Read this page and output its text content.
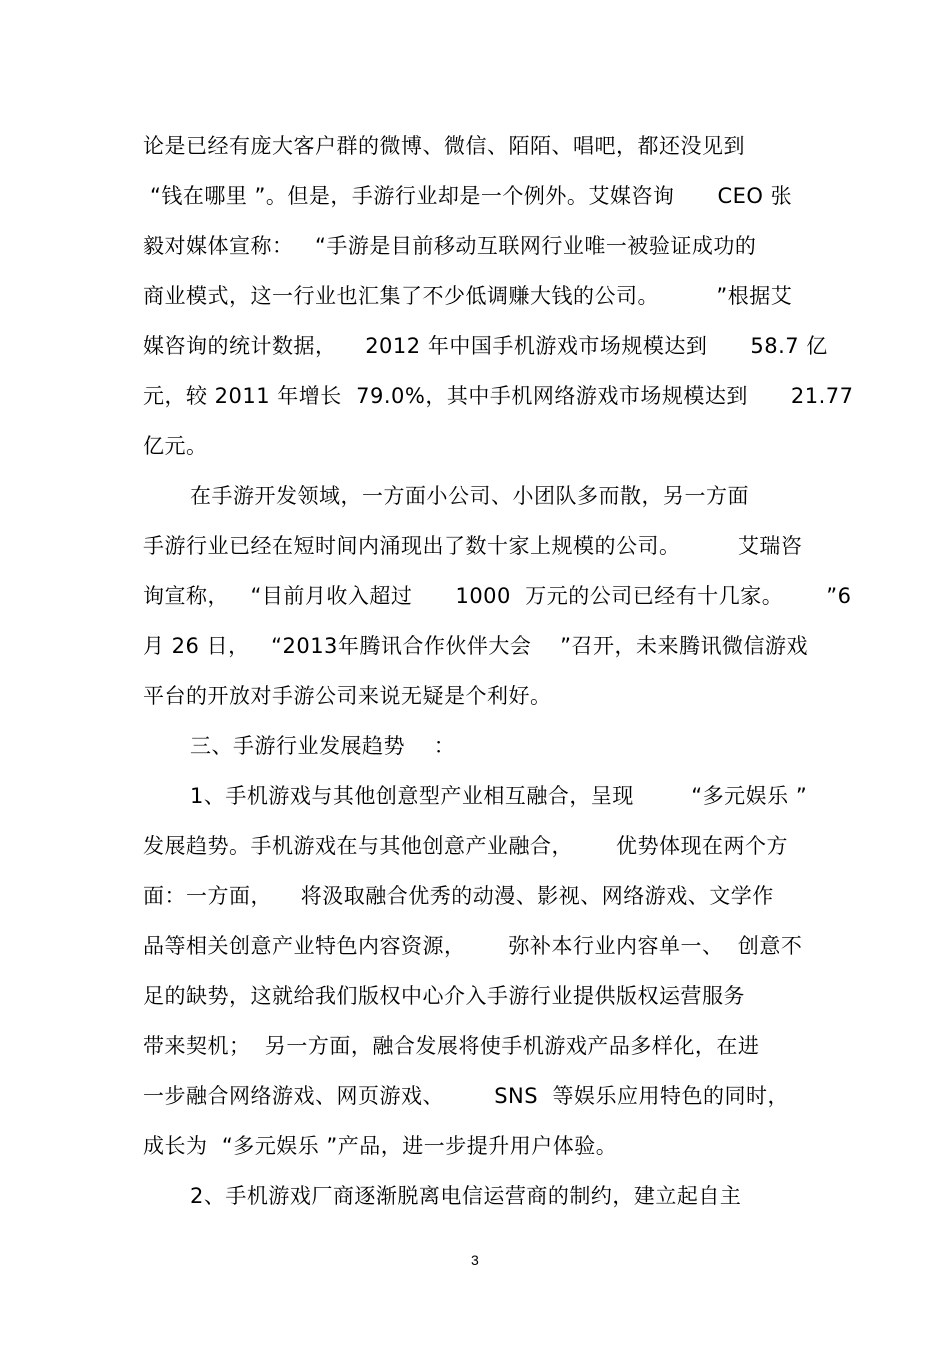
论是已经有庞大客户群的微博、微信、陌陌、唱吧，都还没见到
“钱在哪里 ”。但是，手游行业却是一个例外。艾媒咨询      CEO 张
毅对媒体宣称：   “手游是目前移动互联网行业唯一被验证成功的
商业模式，这一行业也汇集了不少低调赚大钱的公司。        ”根据艾
媒咨询的统计数据，    2012 年中国手机游戏市场规模达到      58.7 亿
元，较 2011 年增长  79.0%，其中手机网络游戏市场规模达到      21.77
亿元。
在手游开发领域，一方面小公司、小团队多而散，另一方面
手游行业已经在短时间内涌现出了数十家上规模的公司。        艾瑞咨
询宣称，   “目前月收入超过      1000  万元的公司已经有十几家。      ”6
月 26 日，   “2013年腾讯合作伙伴大会    ”召开，未来腾讯微信游戏
平台的开放对手游公司来说无疑是个利好。
三、手游行业发展趋势    ：
1、手机游戏与其他创意型产业相互融合，呈现        “多元娱乐 ”
发展趋势。手机游戏在与其他创意产业融合，      优势体现在两个方
面：一方面，    将汲取融合优秀的动漫、影视、网络游戏、文学作
品等相关创意产业特色内容资源，      弥补本行业内容单一、  创意不
足的缺势，这就给我们版权中心介入手游行业提供版权运营服务
带来契机；  另一方面，融合发展将使手机游戏产品多样化，在进
一步融合网络游戏、网页游戏、       SNS  等娱乐应用特色的同时，
成长为  “多元娱乐 ”产品，进一步提升用户体验。
2、手机游戏厂商逐渐脱离电信运营商的制约，建立起自主
3
